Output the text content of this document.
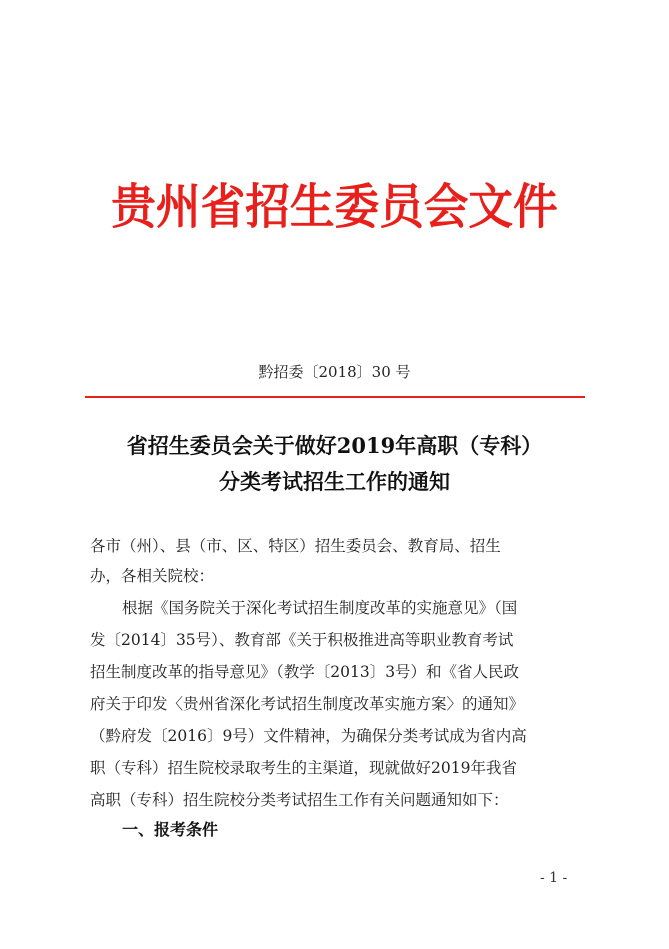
贵州省招生委员会文件
黔招委〔2018〕30 号
省招生委员会关于做好2019年高职（专科）
分类考试招生工作的通知
各市（州）、县（市、区、特区）招生委员会、教育局、招生
办，各相关院校：
根据《国务院关于深化考试招生制度改革的实施意见》（国
发〔2014〕35号）、教育部《关于积极推进高等职业教育考试
招生制度改革的指导意见》（教学〔2013〕3号）和《省人民政
府关于印发〈贵州省深化考试招生制度改革实施方案〉的通知》
（黔府发〔2016〕9号）文件精神，为确保分类考试成为省内高
职（专科）招生院校录取考生的主渠道，现就做好2019年我省
高职（专科）招生院校分类考试招生工作有关问题通知如下：
一、报考条件
- 1 -
